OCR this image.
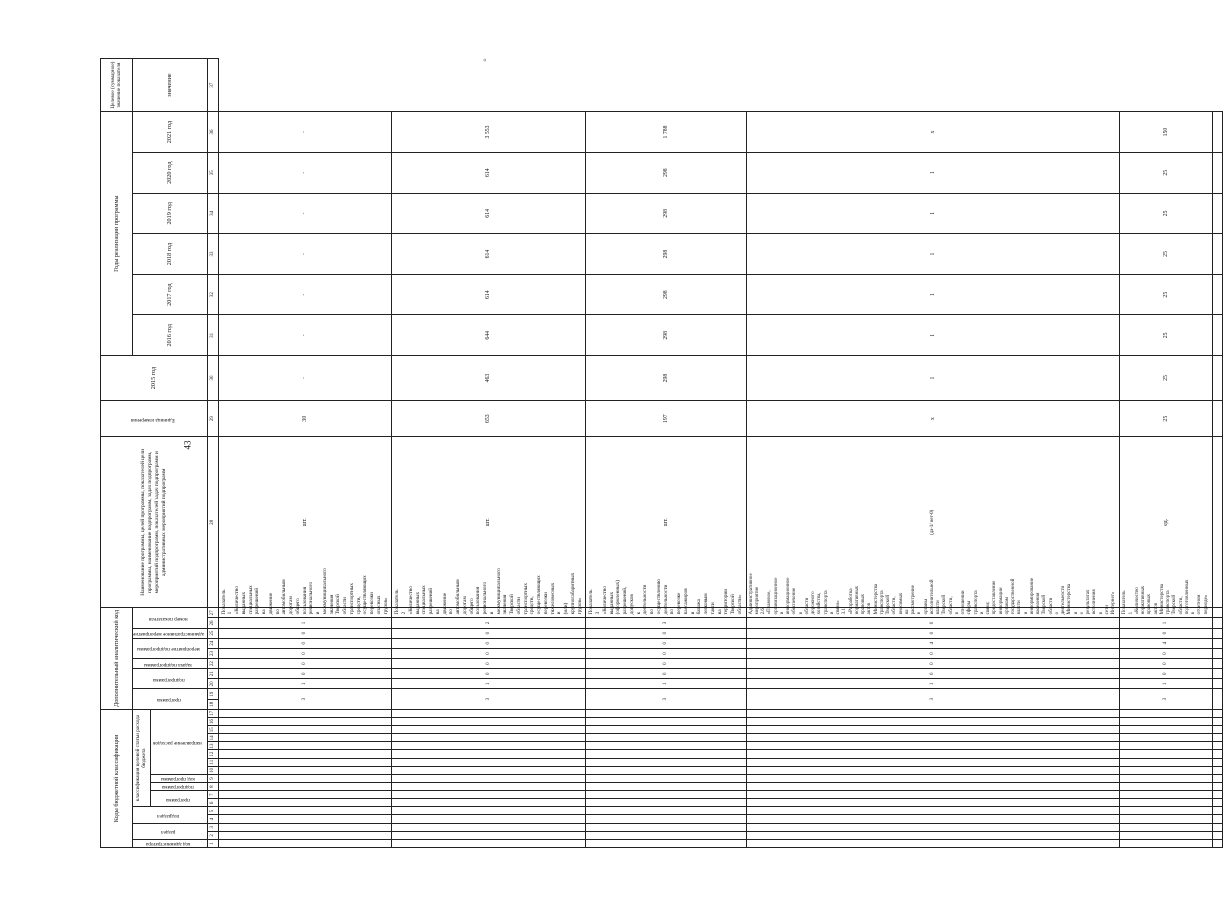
43
«
Коды бюджетной классификации																	Дополнительный аналитический код										Наименование программы, целей программы, показателей цели программы, наименование подпрограмм, задач подпрограмм, мероприятий подпрограмм, показателей задач подпрограмм и административных мероприятий подпрограмм	Единица измерения	2015 год	Годы реализации программы						Целевое (суммарное) значение показателя
код администратора	раздел		подраздел		классификация целевой статьи расхода бюджета												программа		подпрограмма		задача подпрограммы	мероприятие подпрограммы		административное мероприятие	номер показателя					2016 год	2017 год	2018 год	2019 год	2020 год	2021 год	значение
					программа		подпрограмма	код программы	направление расходов																											
1	2	3	4	5	6	7	8	9	10	11	12	13	14	15	16	17	18	19	20	21	22	23	24	25	26	27	28	29	30	31	32	33	34	35	36	37
																	3		1	0	0	0	0	0	1	Показатель 1 «Количество выданных специальных разрешений на движение по автомобильным дорогам общего пользования регионального и межмуниципального значения Тверской области транспортных средств, осуществляющих перевозки опасных грузов»	шт.	30	-	-	-	-	-	-	-	
																	3		1	0	0	0	0	0	2	Показатель 2 «Количество выданных специальных разрешений на движение по автомобильным дорогам общего пользования регионального и межмуниципального значения Тверской области транспортных средств, осуществляющих перевозки тяжеловесных и (или) крупногабаритных грузов»	шт.	653	463	644	614	614	614	614	3 553	
																	3		1	0	0	0	0	0	3	Показатель 3 «Количество выданных (оформленных) разрешений, допусков к деятельности по осуществлению деятельности по перевозке пассажиров и багажа легковым такси на территории Тверской области»	шт.	197	298	298	298	298	298	298	1 788	
																	3		1	0	0	0	4	0	0	Административное мероприятие 2.6 «Правовое, организационное и информационное обеспечение в области дорожного хозяйства, транспорта и связи» 3.1. «Разработка нормативных правовых актов Министерства транспорта Тверской области, вносимых на рассмотрение в органы исполнительной власти Тверской области, в отношении сферы транспорта и связи; предоставление информации органам государственной власти и информирование населения Тверской области о деятельности Министерства и о результатах исполнения в сети Интернет»	(да-1/ нет-0)	x	1	1	1	1	1	1	x	
																	3		1	0	0	0	4	0	1	Показатель 1 «Количество нормативных правовых актов Министерства транспорта Тверской области, подготовленных в отчетном периоде»	ед.	25	25	25	25	25	25	25	150	
